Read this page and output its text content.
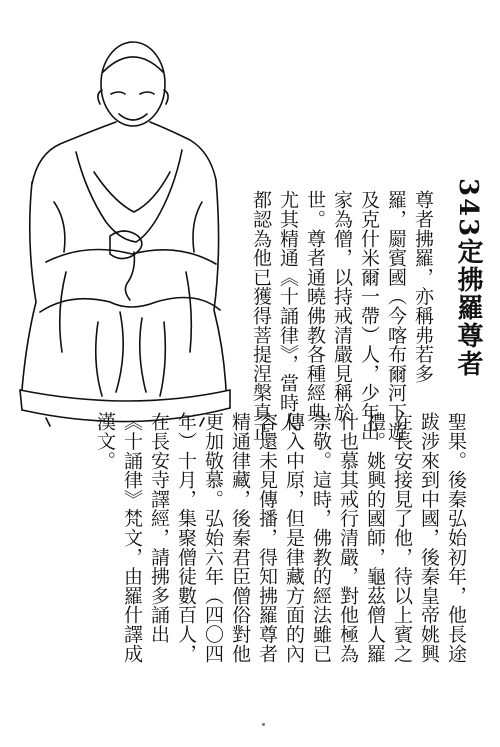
343定拂羅尊者
尊者拂羅，亦稱弗若多
羅，罽賓國（今喀布爾河下遊
及克什米爾一帶）人，少年出
家為僧，以持戒清嚴見稱於
世。尊者通曉佛教各種經典，
尤其精通《十誦律》，當時人
都認為他已獲得菩提涅槃真正
聖果。後秦弘始初年，他長途
跋涉來到中國，後秦皇帝姚興
在長安接見了他，待以上賓之
禮。姚興的國師，龜茲僧人羅
什也慕其戒行清嚴，對他極為
崇敬。這時，佛教的經法雖已
傳入中原，但是律藏方面的內
容還未見傳播，得知拂羅尊者
精通律藏，後秦君臣僧俗對他
更加敬慕。弘始六年（四〇四
年）十月，集聚僧徒數百人，
在長安寺譯經，請拂多誦出
《十誦律》梵文，由羅什譯成
漢文。
